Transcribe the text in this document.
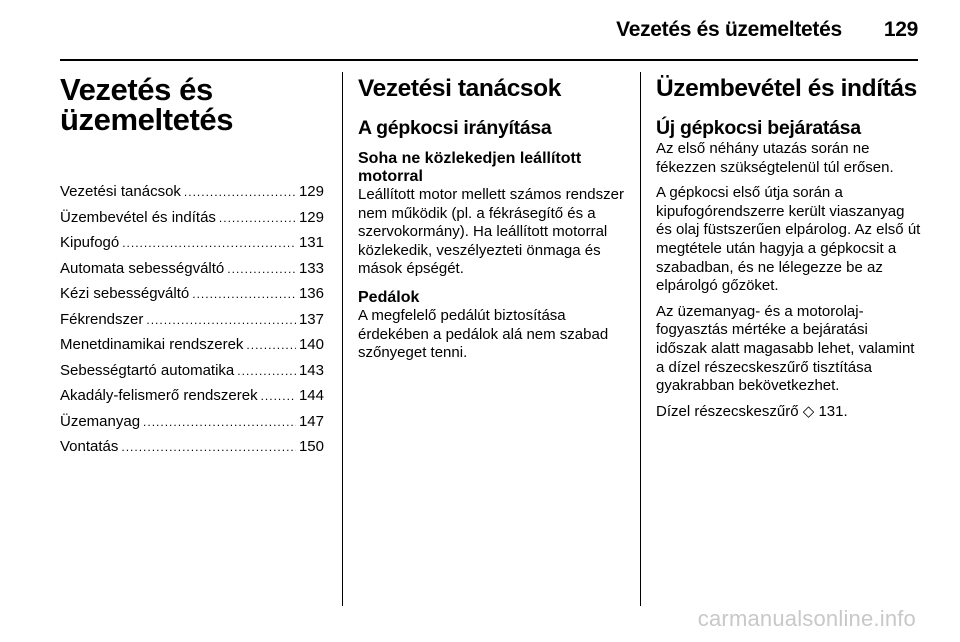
Vezetés és üzemeltetés 129
Vezetés és üzemeltetés
Vezetési tanácsok .....	129
Üzembevétel és indítás .....	129
Kipufogó .....	131
Automata sebességváltó .....	133
Kézi sebességváltó .....	136
Fékrendszer .....	137
Menetdinamikai rendszerek .....	140
Sebességtartó automatika .....	143
Akadály-felismerő rendszerek .....	144
Üzemanyag .....	147
Vontatás .....	150
Vezetési tanácsok
A gépkocsi irányítása
Soha ne közlekedjen leállított motorral

Leállított motor mellett számos rendszer nem működik (pl. a fékrásegítő és a szervokormány). Ha leállított motorral közlekedik, veszélyezteti önmaga és mások épségét.

Pedálok

A megfelelő pedálút biztosítása érdekében a pedálok alá nem szabad szőnyeget tenni.

Üzembevétel és indítás
Új gépkocsi bejáratása

Az első néhány utazás során ne fékezzen szükségtelenül túl erősen.

A gépkocsi első útja során a kipufogórendszerre került viaszanyag és olaj füstszerűen elpárolog. Az első út megtétele után hagyja a gépkocsit a szabadban, és ne lélegezze be az elpárolgó gőzöket.

Az üzemanyag- és a motorolaj-fogyasztás mértéke a bejáratási időszak alatt magasabb lehet, valamint a dízel részecskeszűrő tisztítása gyakrabban bekövetkezhet.

Dízel részecskeszűrő ◇ 131.

carmanualsonline.info
